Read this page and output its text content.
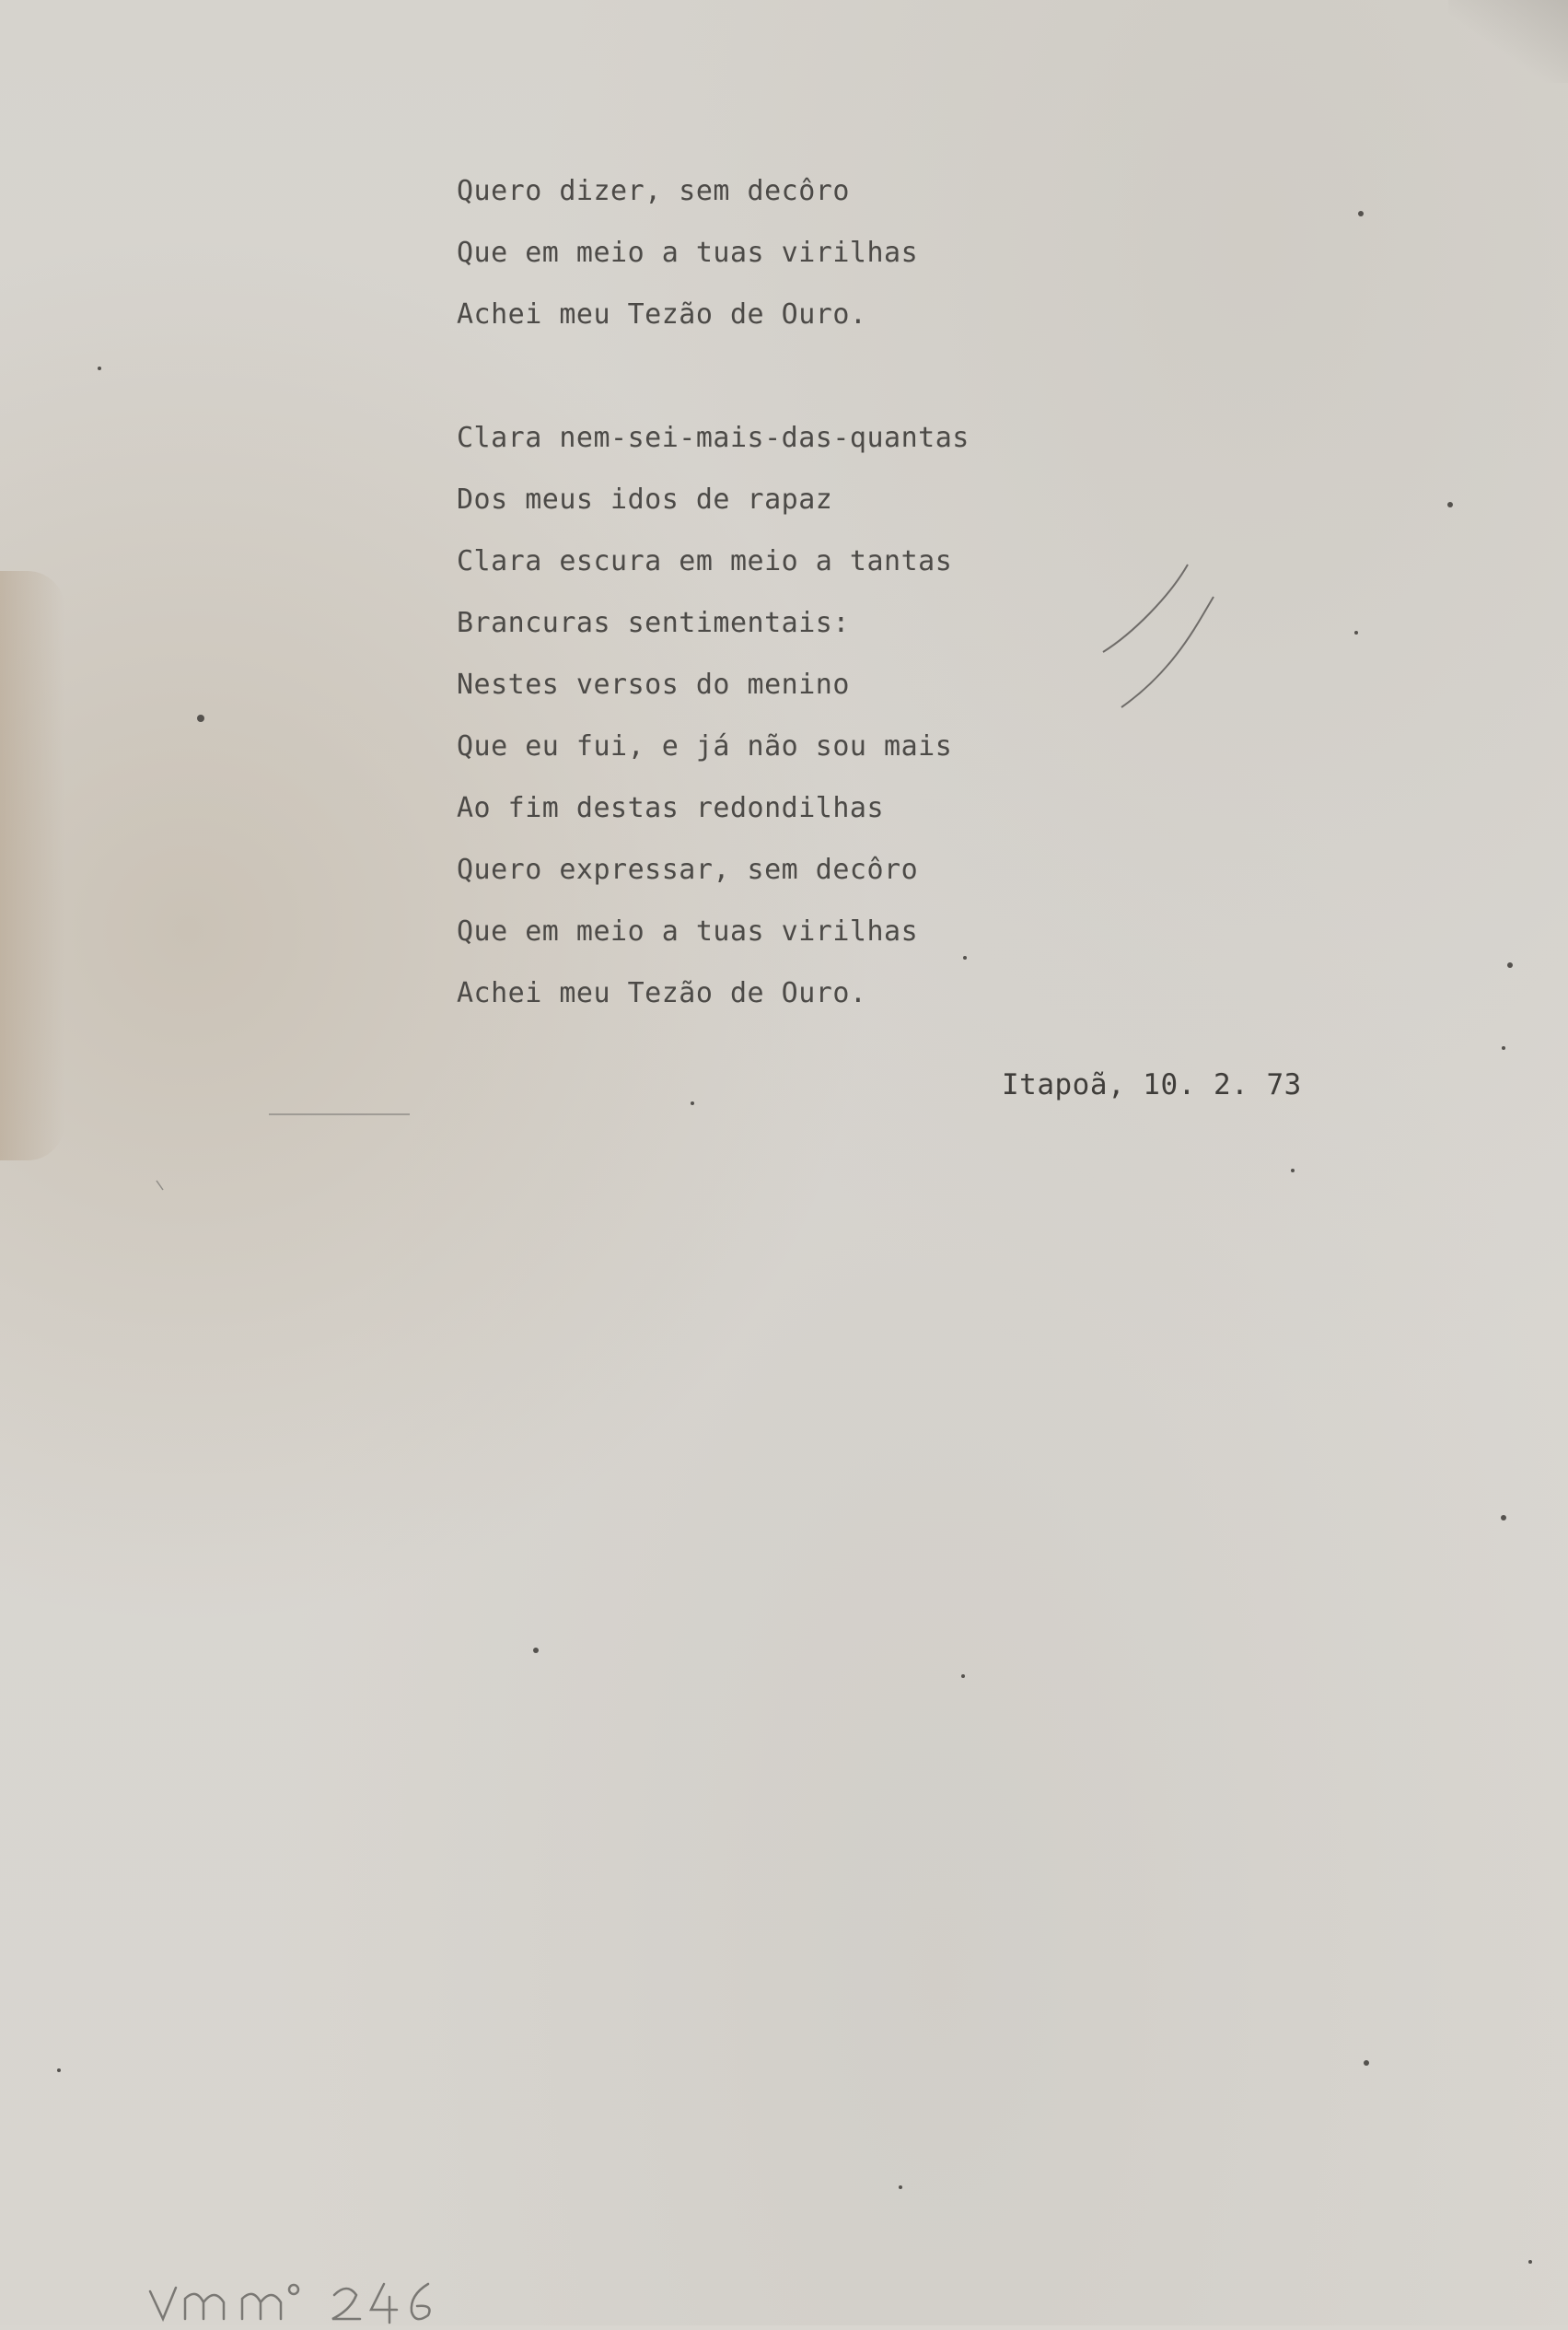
Quero dizer, sem decôro
Que em meio a tuas virilhas
Achei meu Tezão de Ouro.
Clara nem-sei-mais-das-quantas
Dos meus idos de rapaz
Clara escura em meio a tantas
Brancuras sentimentais:
Nestes versos do menino
Que eu fui, e já não sou mais
Ao fim destas redondilhas
Quero expressar, sem decôro
Que em meio a tuas virilhas
Achei meu Tezão de Ouro.
Itapoã, 10. 2. 73
